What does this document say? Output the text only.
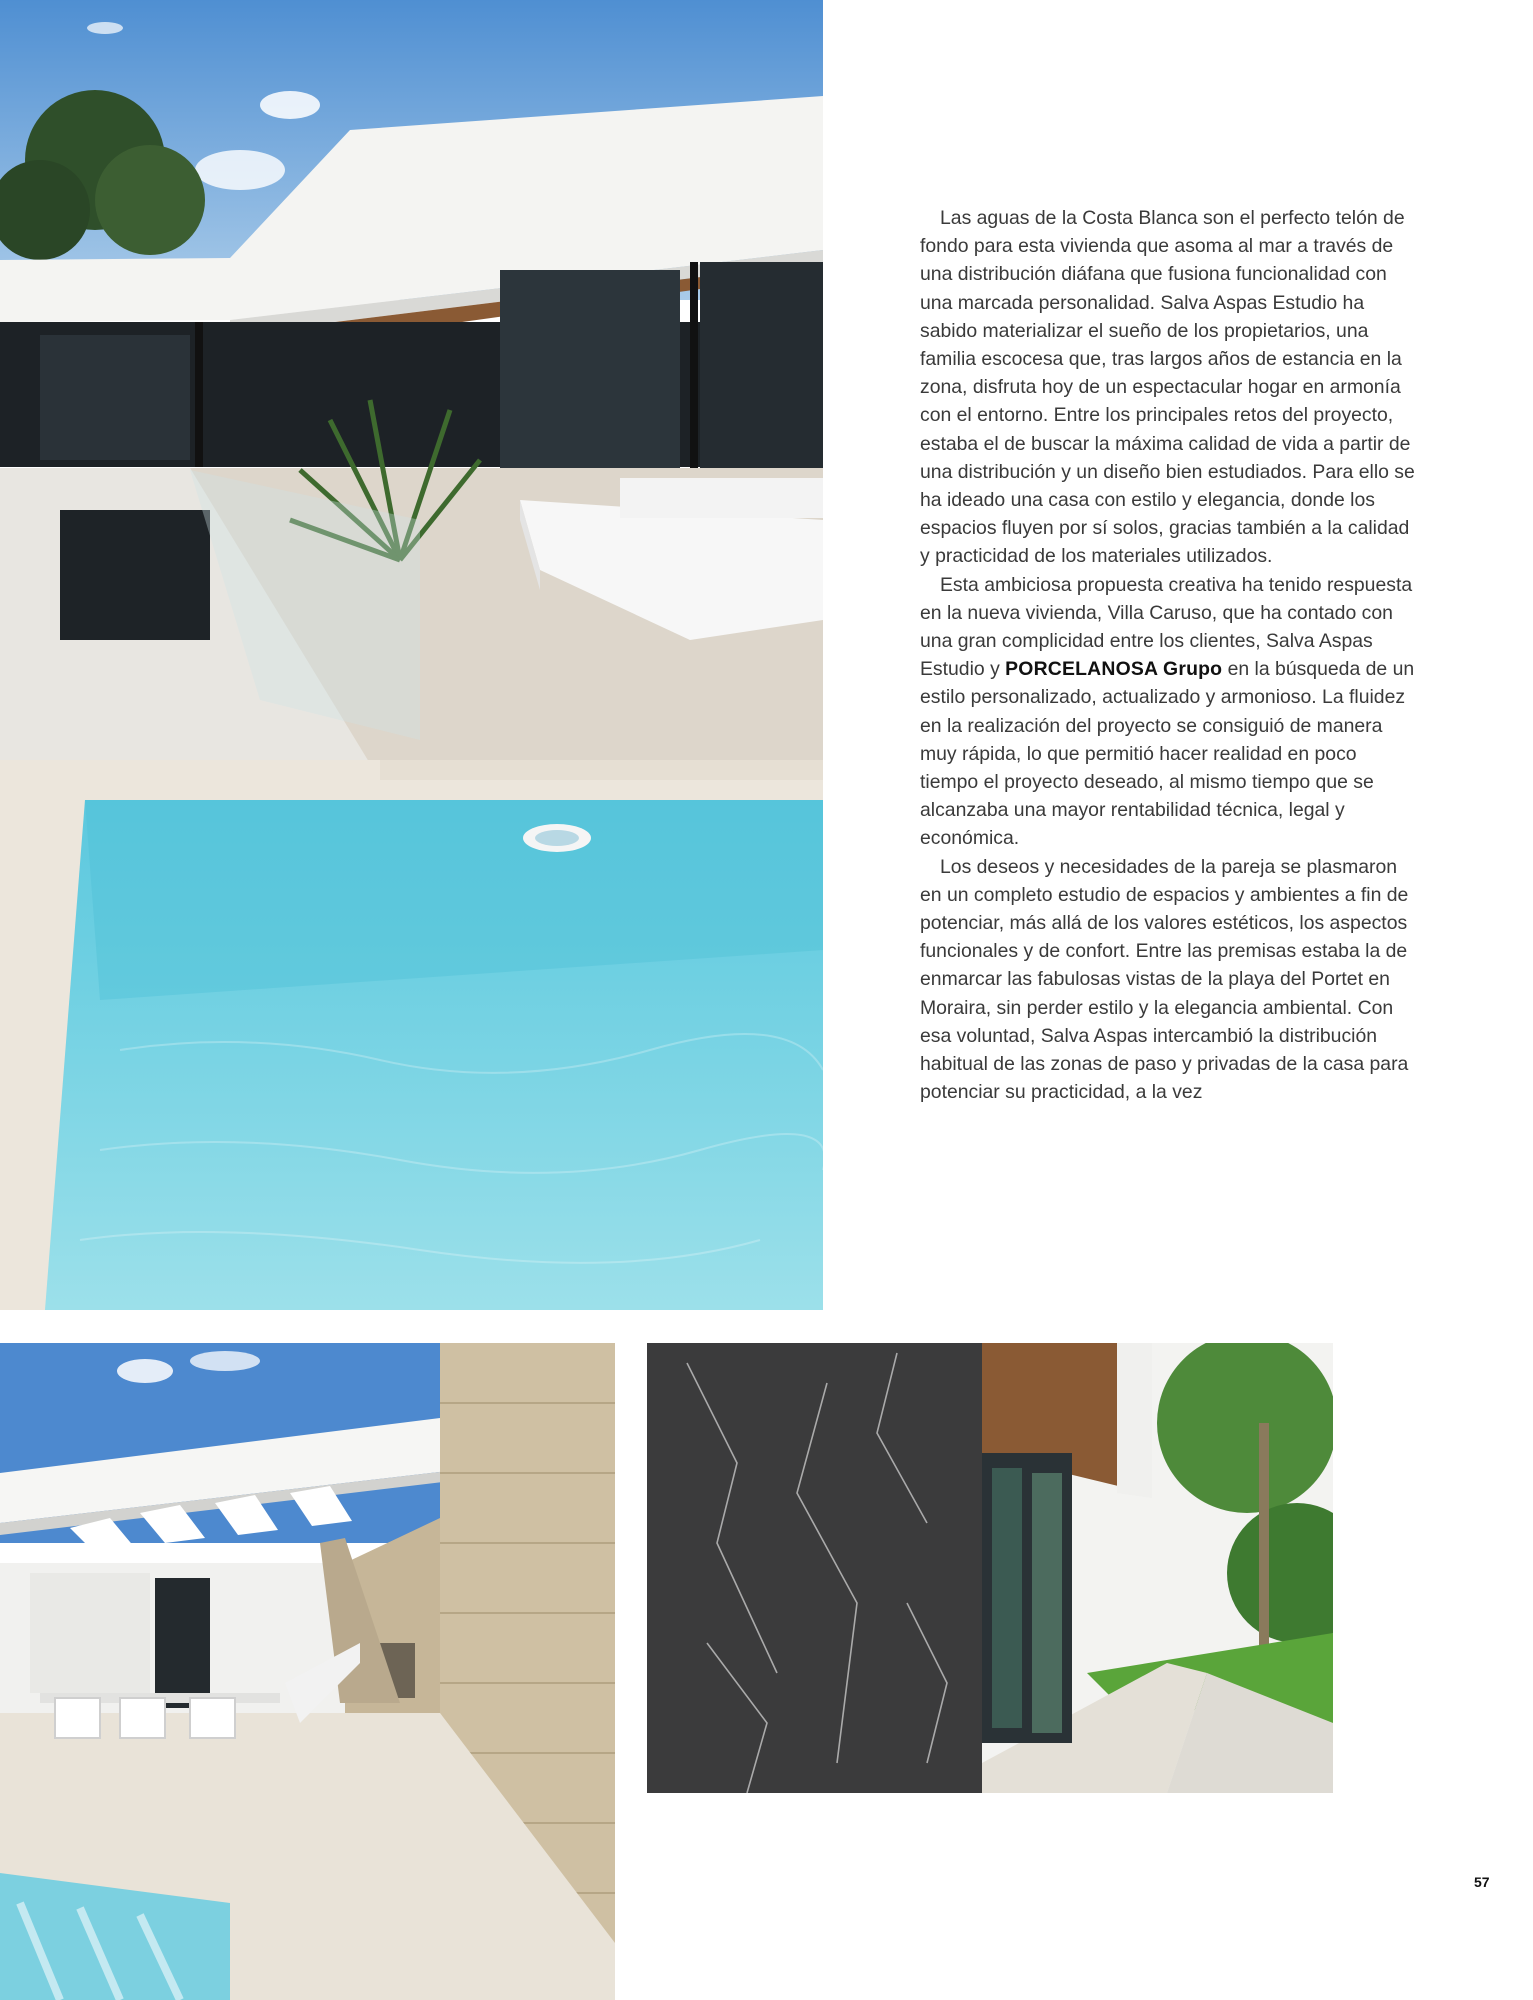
Las aguas de la Costa Blanca son el perfecto telón de fondo para esta vivienda que asoma al mar a través de una distribución diáfana que fusiona funcionalidad con una marcada personalidad. Salva Aspas Estudio ha sabido materializar el sueño de los propietarios, una familia escocesa que, tras largos años de estancia en la zona, disfruta hoy de un espectacular hogar en armonía con el entorno. Entre los principales retos del proyecto, estaba el de buscar la máxima calidad de vida a partir de una distribución y un diseño bien estudiados. Para ello se ha ideado una casa con estilo y elegancia, donde los espacios fluyen por sí solos, gracias también a la calidad y practicidad de los materiales utilizados.

Esta ambiciosa propuesta creativa ha tenido respuesta en la nueva vivienda, Villa Caruso, que ha contado con una gran complicidad entre los clientes, Salva Aspas Estudio y PORCELANOSA Grupo en la búsqueda de un estilo personalizado, actualizado y armonioso. La fluidez en la realización del proyecto se consiguió de manera muy rápida, lo que permitió hacer realidad en poco tiempo el proyecto deseado, al mismo tiempo que se alcanzaba una mayor rentabilidad técnica, legal y económica.

Los deseos y necesidades de la pareja se plasmaron en un completo estudio de espacios y ambientes a fin de potenciar, más allá de los valores estéticos, los aspectos funcionales y de confort. Entre las premisas estaba la de enmarcar las fabulosas vistas de la playa del Portet en Moraira, sin perder estilo y la elegancia ambiental. Con esa voluntad, Salva Aspas intercambió la distribución habitual de las zonas de paso y privadas de la casa para potenciar su practicidad, a la vez

57
